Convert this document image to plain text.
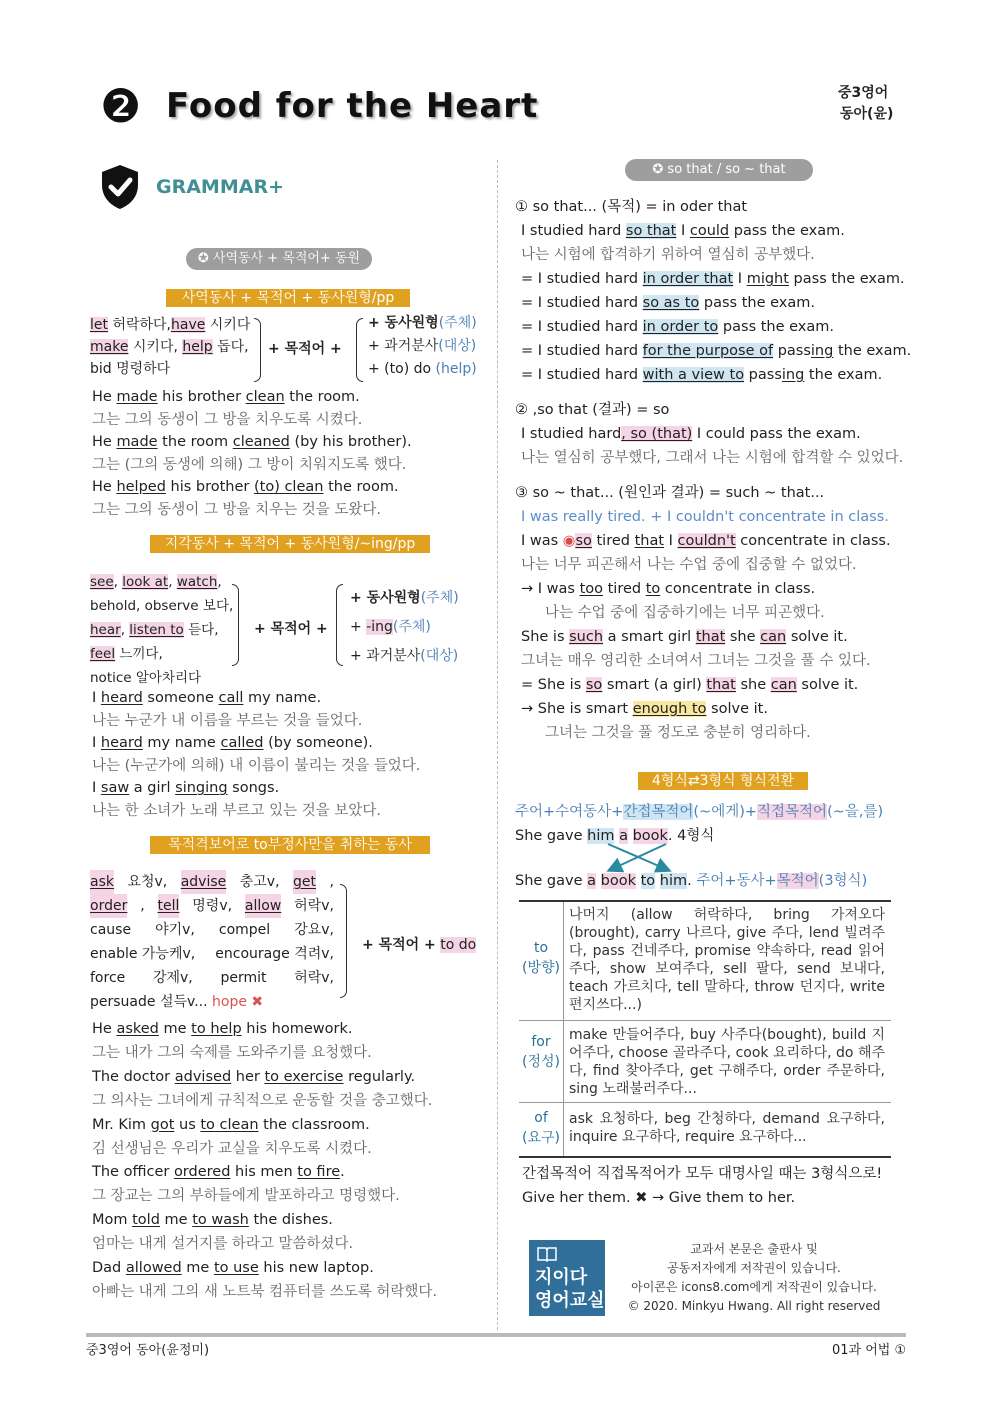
❷ Food for the Heart	중3영어
동아(윤)
GRAMMAR+
✪ 사역동사 + 목적어+ 동원
사역동사 + 목적어 + 동사원형/pp
let 허락하다,have 시키다
make 시키다, help 돕다,
bid 명령하다
+ 목적어 +
+ 동사원형(주체)
+ 과거분사(대상)
+ (to) do (help)
He made his brother clean the room.
그는 그의 동생이 그 방을 치우도록 시켰다.
He made the room cleaned (by his brother).
그는 (그의 동생에 의해) 그 방이 치워지도록 했다.
He helped his brother (to) clean the room.
그는 그의 동생이 그 방을 치우는 것을 도왔다.
지각동사 + 목적어 + 동사원형/~ing/pp
see, look at, watch,
behold, observe 보다,
hear, listen to 듣다,
feel 느끼다,
notice 알아차리다
+ 목적어 +
+ 동사원형(주체)
+ -ing(주체)
+ 과거분사(대상)
I heard someone call my name.
나는 누군가 내 이름을 부르는 것을 들었다.
I heard my name called (by someone).
나는 (누군가에 의해) 내 이름이 불리는 것을 들었다.
I saw a girl singing songs.
나는 한 소녀가 노래 부르고 있는 것을 보았다.
목적격보어로 to부정사만을 취하는 동사
ask 요청v, advise 충고v, get ,
order , tell 명령v, allow 허락v,
cause 야기v, compel 강요v,
enable 가능케v, encourage 격려v,
force 강제v, permit 허락v,
persuade 설득v... hope ✖
+ 목적어 + to do
He asked me to help his homework.
그는 내가 그의 숙제를 도와주기를 요청했다.
The doctor advised her to exercise regularly.
그 의사는 그녀에게 규칙적으로 운동할 것을 충고했다.
Mr. Kim got us to clean the classroom.
김 선생님은 우리가 교실을 치우도록 시켰다.
The officer ordered his men to fire.
그 장교는 그의 부하들에게 발포하라고 명령했다.
Mom told me to wash the dishes.
엄마는 내게 설거지를 하라고 말씀하셨다.
Dad allowed me to use his new laptop.
아빠는 내게 그의 새 노트북 컴퓨터를 쓰도록 허락했다.
✪ so that / so ~ that
① so that... (목적) = in oder that
I studied hard so that I could pass the exam.
나는 시험에 합격하기 위하여 열심히 공부했다.
= I studied hard in order that I might pass the exam.
= I studied hard so as to pass the exam.
= I studied hard in order to pass the exam.
= I studied hard for the purpose of passing the exam.
= I studied hard with a view to passing the exam.
② ,so that (결과) = so
I studied hard, so (that) I could pass the exam.
나는 열심히 공부했다, 그래서 나는 시험에 합격할 수 있었다.
③ so ~ that... (원인과 결과) = such ~ that...
I was really tired. + I couldn't concentrate in class.
I was ◉so tired that I couldn't concentrate in class.
나는 너무 피곤해서 나는 수업 중에 집중할 수 없었다.
→ I was too tired to concentrate in class.
나는 수업 중에 집중하기에는 너무 피곤했다.
She is such a smart girl that she can solve it.
그녀는 매우 영리한 소녀여서 그녀는 그것을 풀 수 있다.
= She is so smart (a girl) that she can solve it.
→ She is smart enough to solve it.
그녀는 그것을 풀 정도로 충분히 영리하다.
4형식⇄3형식 형식전환
주어+수여동사+간접목적어(~에게)+직접목적어(~을,를)
She gave him a book. 4형식
She gave a book to him. 주어+동사+목적어(3형식)
to
(방향)
나머지 (allow 허락하다, bring 가져오다(brought), carry 나르다, give 주다, lend 빌려주다, pass 건네주다, promise 약속하다, read 읽어주다, show 보여주다, sell 팔다, send 보내다, teach 가르치다, tell 말하다, throw 던지다, write 편지쓰다...)
for
(정성)
make 만들어주다, buy 사주다(bought), build 지어주다, choose 골라주다, cook 요리하다, do 해주다, find 찾아주다, get 구해주다, order 주문하다, sing 노래불러주다...
of
(요구)
ask 요청하다, beg 간청하다, demand 요구하다, inquire 요구하다, require 요구하다...
간접목적어 직접목적어가 모두 대명사일 때는 3형식으로!
Give her them. ✖ → Give them to her.
지이다
영어교실
교과서 본문은 출판사 및
공동저자에게 저작권이 있습니다.
아이콘은 icons8.com에게 저작권이 있습니다.
© 2020. Minkyu Hwang. All right reserved
중3영어 동아(윤정미)	01과 어법 ①
